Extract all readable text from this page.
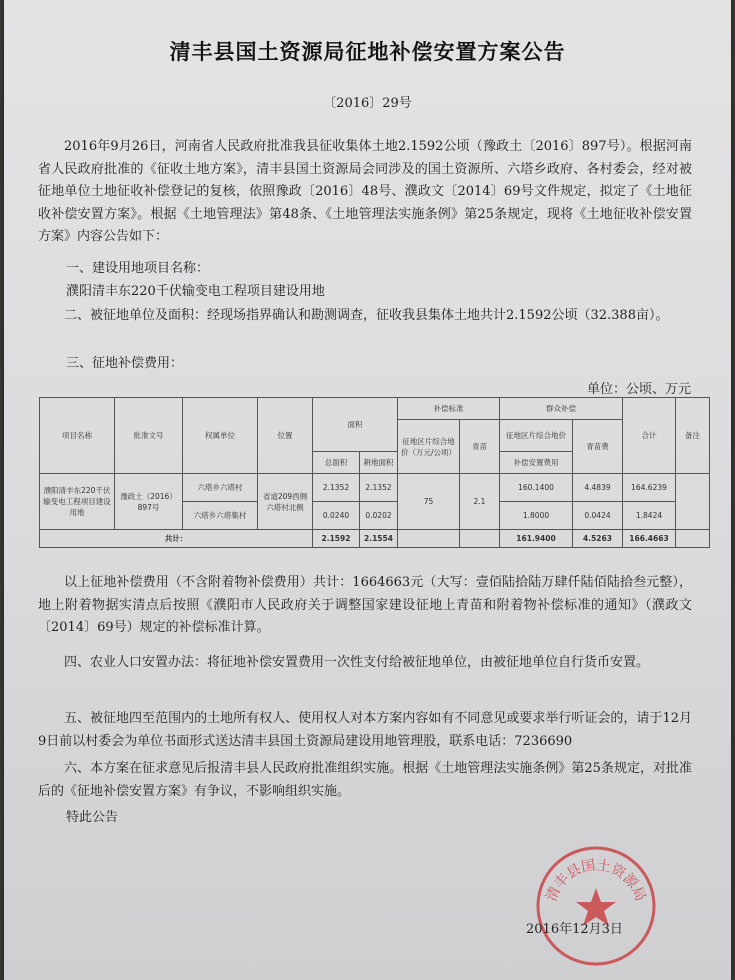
清丰县国土资源局征地补偿安置方案公告
〔2016〕29号

2016年9月26日，河南省人民政府批准我县征收集体土地2.1592公顷（豫政土〔2016〕897号）。根据河南省人民政府批准的《征收土地方案》，清丰县国土资源局会同涉及的国土资源所、六塔乡政府、各村委会，经对被征地单位土地征收补偿登记的复核，依照豫政〔2016〕48号、濮政文〔2014〕69号文件规定，拟定了《土地征收补偿安置方案》。根据《土地管理法》第48条、《土地管理法实施条例》第25条规定，现将《土地征收补偿安置方案》内容公告如下：

一、建设用地项目名称：
濮阳清丰东220千伏输变电工程项目建设用地

二、被征地单位及面积：经现场指界确认和勘测调查，征收我县集体土地共计2.1592公顷（32.388亩）。

三、征地补偿费用：
单位：公顷、万元
项目名称	批准文号	权属单位	位置	面积		补偿标准		群众补偿		合计	备注
						征地区片综合地价（万元/公顷）	青苗	征地区片综合地价	青苗费		
				总面积	耕地面积			补偿安置费用			
濮阳清丰东220千伏输变电工程项目建设用地	豫政土（2016）897号	六塔乡六塔村	省道209西侧六塔村北侧	2.1352	2.1352	75	2.1	160.1400	4.4839	164.6239	
		六塔乡六塔集村		0.0240	0.0202			1.8000	0.0424	1.8424	
共计：				2.1592	2.1554			161.9400	4.5263	166.4663	

以上征地补偿费用（不含附着物补偿费用）共计：1664663元（大写：壹佰陆拾陆万肆仟陆佰陆拾叁元整），地上附着物据实清点后按照《濮阳市人民政府关于调整国家建设征地上青苗和附着物补偿标准的通知》（濮政文〔2014〕69号）规定的补偿标准计算。

四、农业人口安置办法：将征地补偿安置费用一次性支付给被征地单位，由被征地单位自行货币安置。

五、被征地四至范围内的土地所有权人、使用权人对本方案内容如有不同意见或要求举行听证会的，请于12月9日前以村委会为单位书面形式送达清丰县国土资源局建设用地管理股，联系电话：7236690

六、本方案在征求意见后报清丰县人民政府批准组织实施。根据《土地管理法实施条例》第25条规定，对批准后的《征地补偿安置方案》有争议，不影响组织实施。

特此公告
清丰县国土资源局
2016年12月3日
